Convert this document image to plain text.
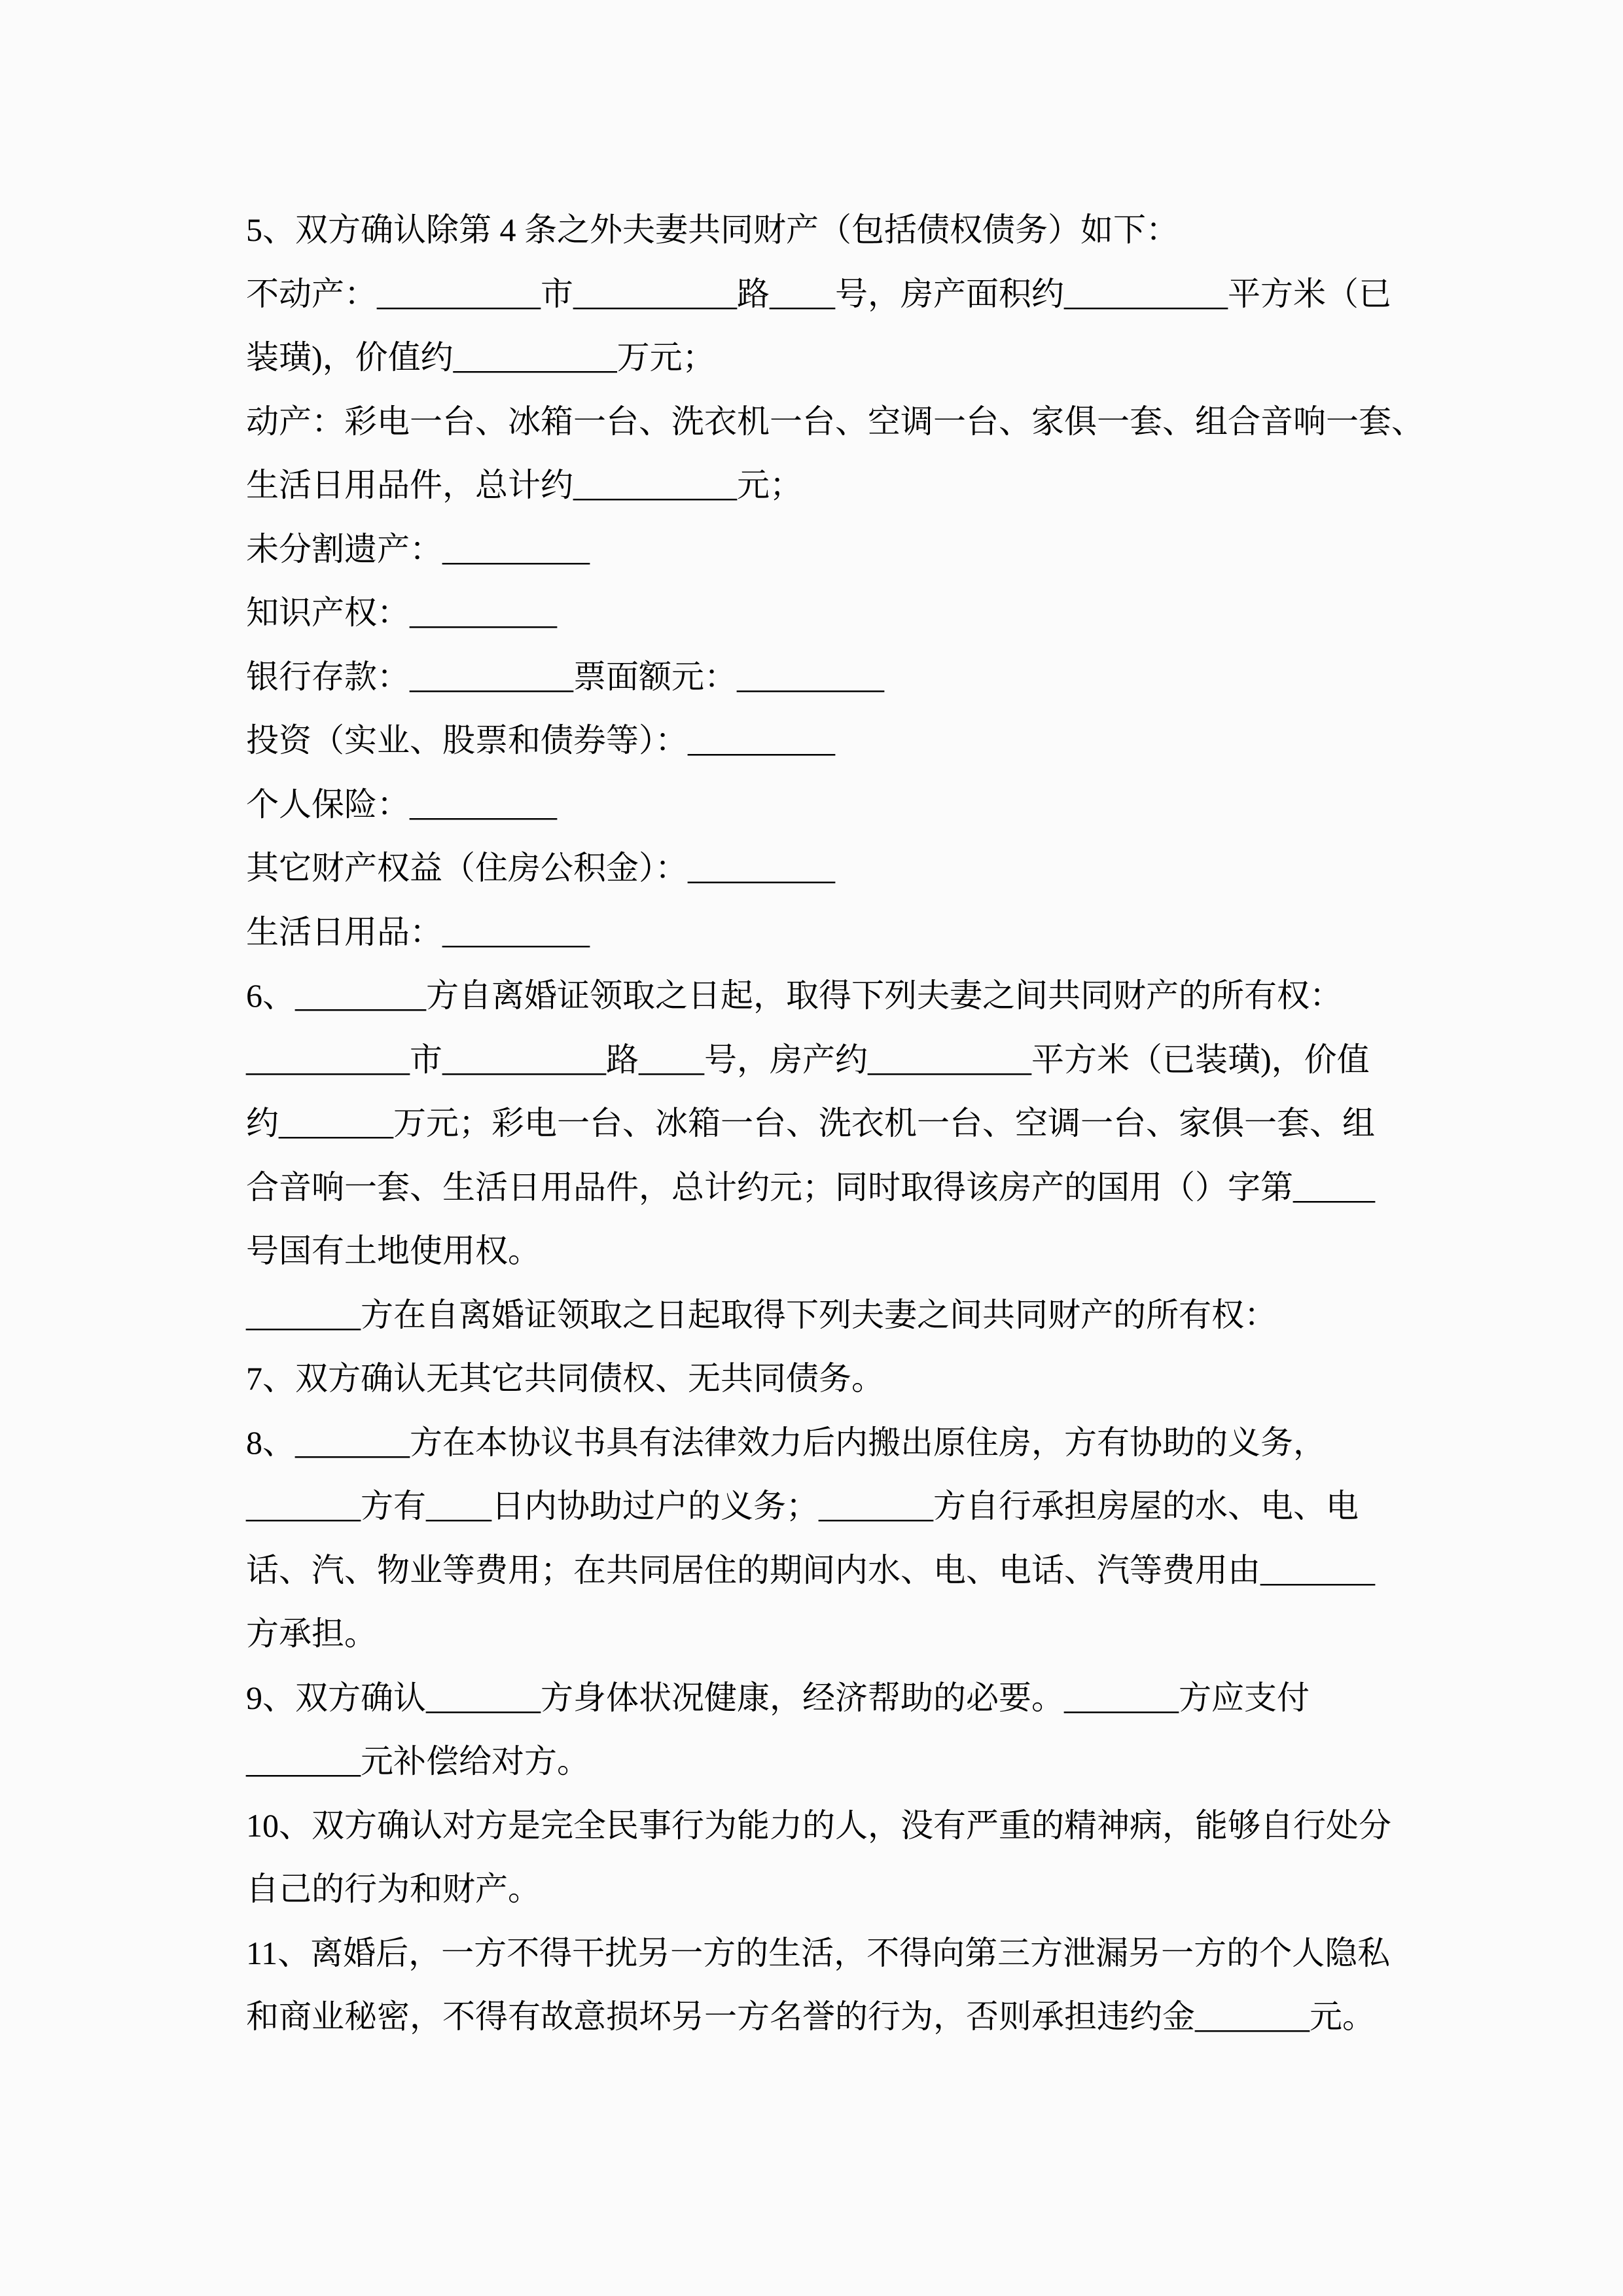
5、双方确认除第 4 条之外夫妻共同财产（包括债权债务）如下：

不动产：__________市__________路____号，房产面积约__________平方米（已

装璜)，价值约__________万元；

动产：彩电一台、冰箱一台、洗衣机一台、空调一台、家俱一套、组合音响一套、

生活日用品件，总计约__________元；

未分割遗产：_________

知识产权：_________

银行存款：__________票面额元：_________

投资（实业、股票和债券等）：_________

个人保险：_________

其它财产权益（住房公积金）：_________

生活日用品：_________

6、________方自离婚证领取之日起，取得下列夫妻之间共同财产的所有权：

__________市__________路____号，房产约__________平方米（已装璜)，价值

约_______万元；彩电一台、冰箱一台、洗衣机一台、空调一台、家俱一套、组

合音响一套、生活日用品件，总计约元；同时取得该房产的国用（）字第_____

号国有土地使用权。

_______方在自离婚证领取之日起取得下列夫妻之间共同财产的所有权：

7、双方确认无其它共同债权、无共同债务。

8、_______方在本协议书具有法律效力后内搬出原住房，方有协助的义务，

_______方有____日内协助过户的义务；_______方自行承担房屋的水、电、电

话、汽、物业等费用；在共同居住的期间内水、电、电话、汽等费用由_______

方承担。

9、双方确认_______方身体状况健康，经济帮助的必要。_______方应支付

_______元补偿给对方。

10、双方确认对方是完全民事行为能力的人，没有严重的精神病，能够自行处分

自己的行为和财产。

11、离婚后，一方不得干扰另一方的生活，不得向第三方泄漏另一方的个人隐私

和商业秘密，不得有故意损坏另一方名誉的行为，否则承担违约金_______元。
